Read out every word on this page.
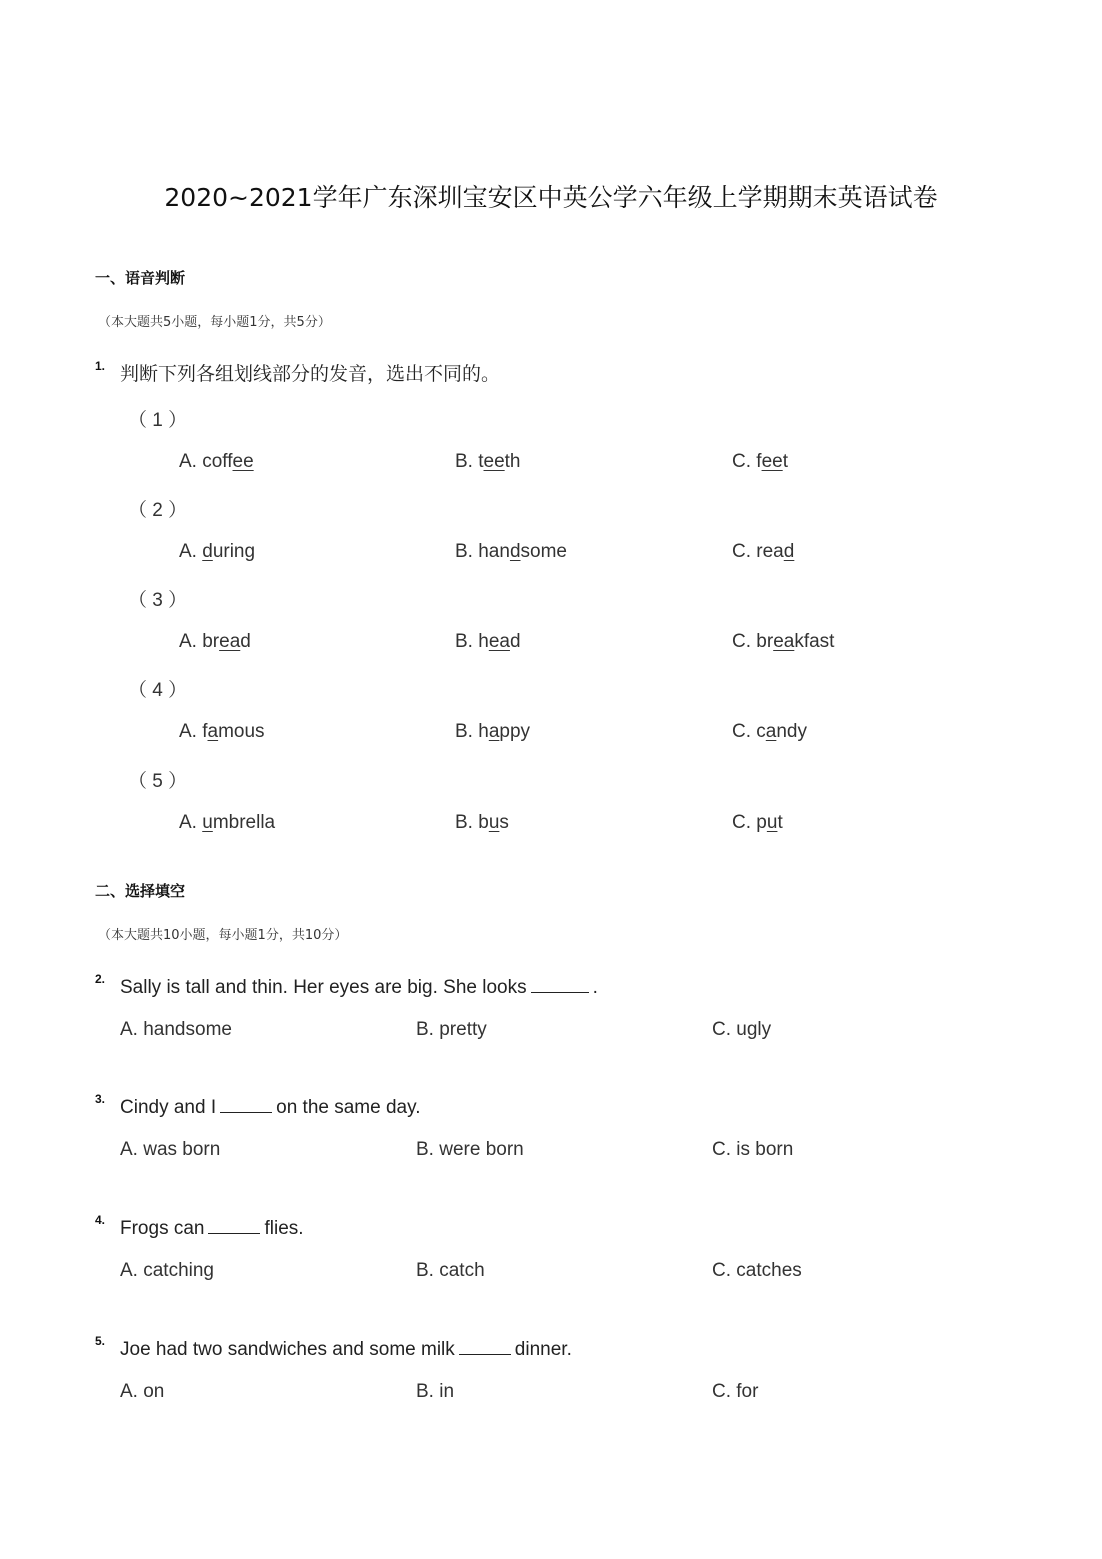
2020~2021学年广东深圳宝安区中英公学六年级上学期期末英语试卷
一、语音判断
（本大题共5小题，每小题1分，共5分）
1. 判断下列各组划线部分的发音，选出不同的。
（ 1 ）
A. coffee	B. teeth	C. feet
（ 2 ）
A. during	B. handsome	C. read
（ 3 ）
A. bread	B. head	C. breakfast
（ 4 ）
A. famous	B. happy	C. candy
（ 5 ）
A. umbrella	B. bus	C. put
二、选择填空
（本大题共10小题，每小题1分，共10分）
2. Sally is tall and thin. Her eyes are big. She looks	.
A. handsome	B. pretty	C. ugly
3. Cindy and I	on the same day.
A. was born	B. were born	C. is born
4. Frogs can	flies.
A. catching	B. catch	C. catches
5. Joe had two sandwiches and some milk	dinner.
A. on	B. in	C. for
